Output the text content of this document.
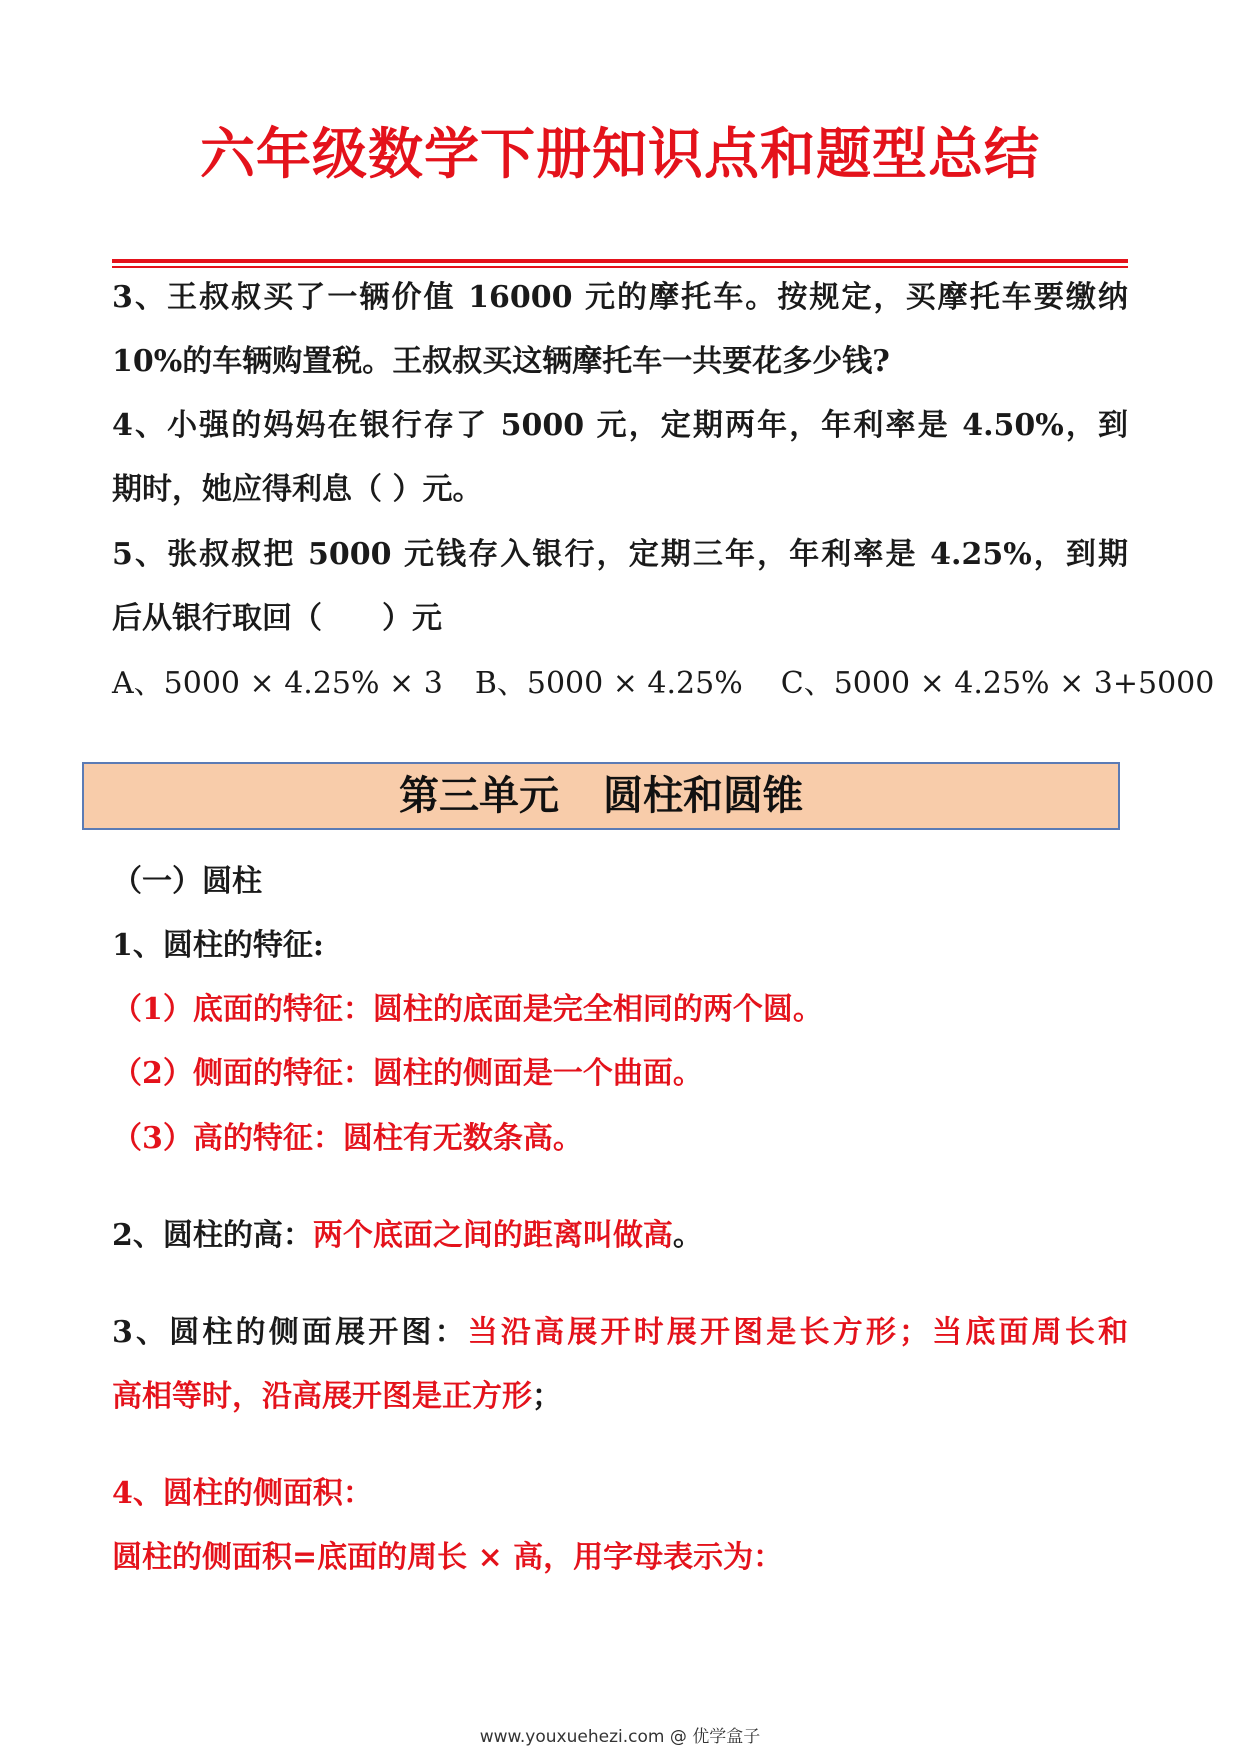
六年级数学下册知识点和题型总结
3、王叔叔买了一辆价值 16000 元的摩托车。按规定，买摩托车要缴纳
10%的车辆购置税。王叔叔买这辆摩托车一共要花多少钱?
4、小强的妈妈在银行存了 5000 元，定期两年，年利率是 4.50%，到
期时，她应得利息（ ）元。
5、张叔叔把 5000 元钱存入银行，定期三年，年利率是 4.25%，到期
后从银行取回（　　）元
A、5000 × 4.25% × 3 B、5000 × 4.25% C、5000 × 4.25% × 3+5000
第三单元 圆柱和圆锥
（一）圆柱
1、圆柱的特征:
（1）底面的特征：圆柱的底面是完全相同的两个圆。
（2）侧面的特征：圆柱的侧面是一个曲面。
（3）高的特征：圆柱有无数条高。
2、圆柱的高：两个底面之间的距离叫做高。
3、圆柱的侧面展开图：当沿高展开时展开图是长方形；当底面周长和
高相等时，沿高展开图是正方形；
4、圆柱的侧面积：
圆柱的侧面积=底面的周长 × 高，用字母表示为：
www.youxuehezi.com @ 优学盒子
